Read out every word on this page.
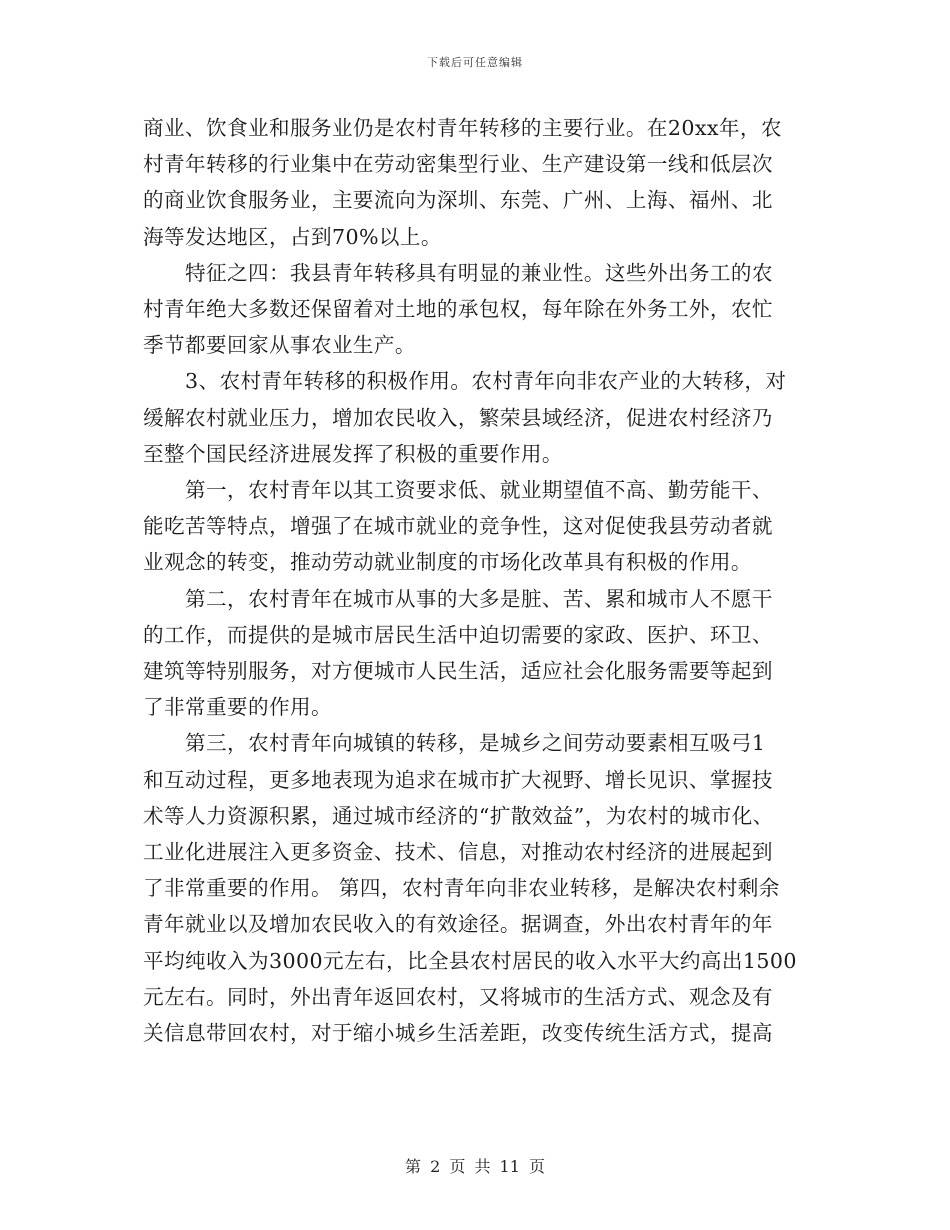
下载后可任意编辑

商业、饮食业和服务业仍是农村青年转移的主要行业。在20xx年，农
村青年转移的行业集中在劳动密集型行业、生产建设第一线和低层次
的商业饮食服务业，主要流向为深圳、东莞、广州、上海、福州、北
海等发达地区，占到70%以上。
　　特征之四：我县青年转移具有明显的兼业性。这些外出务工的农
村青年绝大多数还保留着对土地的承包权，每年除在外务工外，农忙
季节都要回家从事农业生产。
　　3、农村青年转移的积极作用。农村青年向非农产业的大转移，对
缓解农村就业压力，增加农民收入，繁荣县域经济，促进农村经济乃
至整个国民经济进展发挥了积极的重要作用。
　　第一，农村青年以其工资要求低、就业期望值不高、勤劳能干、
能吃苦等特点，增强了在城市就业的竞争性，这对促使我县劳动者就
业观念的转变，推动劳动就业制度的市场化改革具有积极的作用。
　　第二，农村青年在城市从事的大多是脏、苦、累和城市人不愿干
的工作，而提供的是城市居民生活中迫切需要的家政、医护、环卫、
建筑等特别服务，对方便城市人民生活，适应社会化服务需要等起到
了非常重要的作用。
　　第三，农村青年向城镇的转移，是城乡之间劳动要素相互吸弓1
和互动过程，更多地表现为追求在城市扩大视野、增长见识、掌握技
术等人力资源积累，通过城市经济的“扩散效益”，为农村的城市化、
工业化进展注入更多资金、技术、信息，对推动农村经济的进展起到
了非常重要的作用。 第四，农村青年向非农业转移，是解决农村剩余
青年就业以及增加农民收入的有效途径。据调查，外出农村青年的年
平均纯收入为3000元左右，比全县农村居民的收入水平大约高出1500
元左右。同时，外出青年返回农村，又将城市的生活方式、观念及有
关信息带回农村，对于缩小城乡生活差距，改变传统生活方式，提高

第 2 页 共 11 页
